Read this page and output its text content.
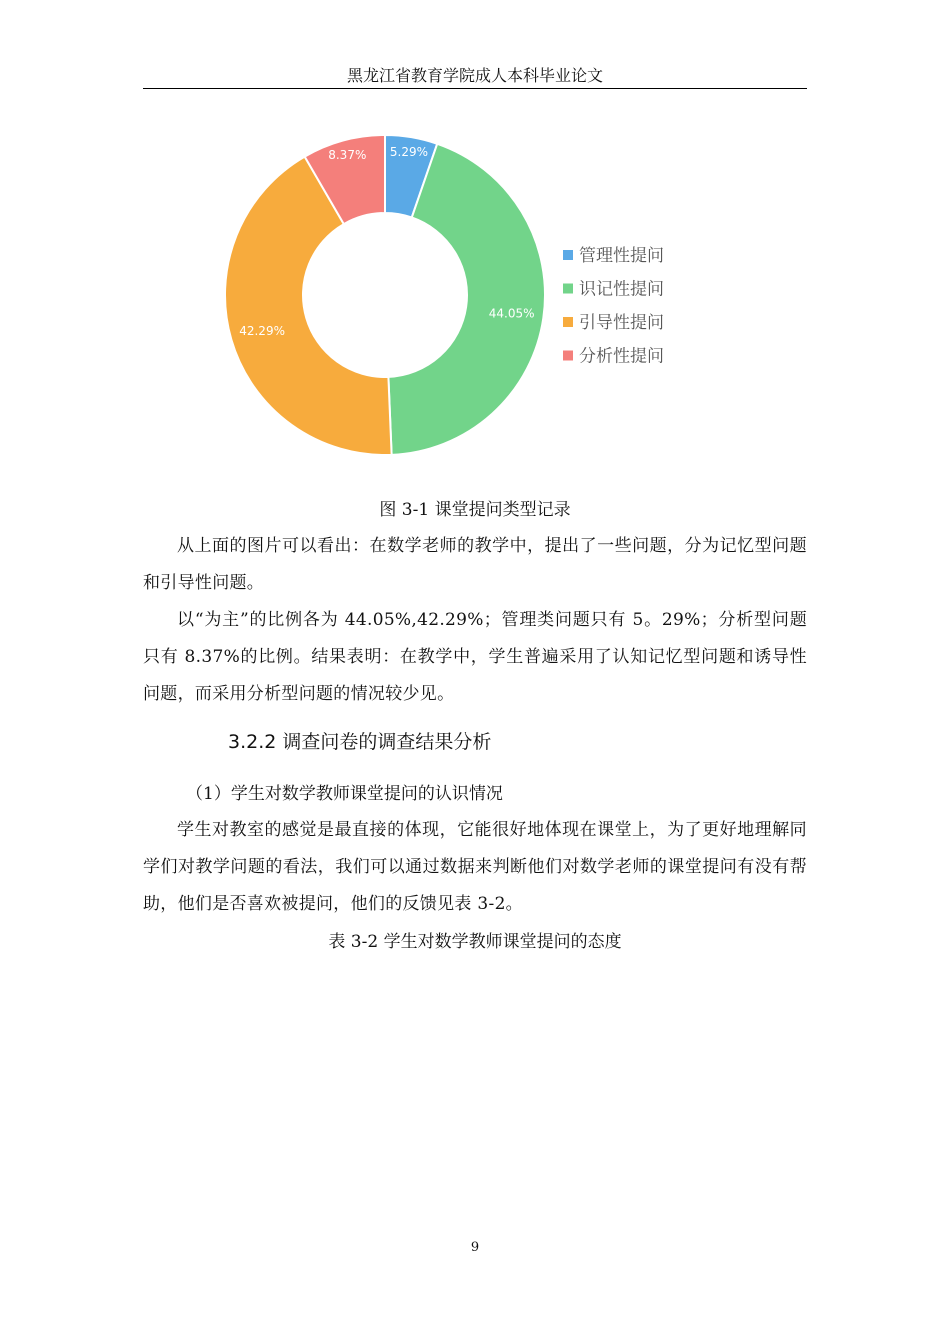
黑龙江省教育学院成人本科毕业论文
5.29%
44.05%
42.29%
8.37%
管理性提问
识记性提问
引导性提问
分析性提问
图 3-1 课堂提问类型记录
从上面的图片可以看出：在数学老师的教学中，提出了一些问题，分为记忆型问题和引导性问题。
以“为主”的比例各为 44.05%,42.29%；管理类问题只有 5。29%；分析型问题只有 8.37%的比例。结果表明：在教学中，学生普遍采用了认知记忆型问题和诱导性问题，而采用分析型问题的情况较少见。
3.2.2 调查问卷的调查结果分析
（1）学生对数学教师课堂提问的认识情况
学生对教室的感觉是最直接的体现，它能很好地体现在课堂上，为了更好地理解同学们对教学问题的看法，我们可以通过数据来判断他们对数学老师的课堂提问有没有帮助，他们是否喜欢被提问，他们的反馈见表 3-2。
表 3-2 学生对数学教师课堂提问的态度
9
